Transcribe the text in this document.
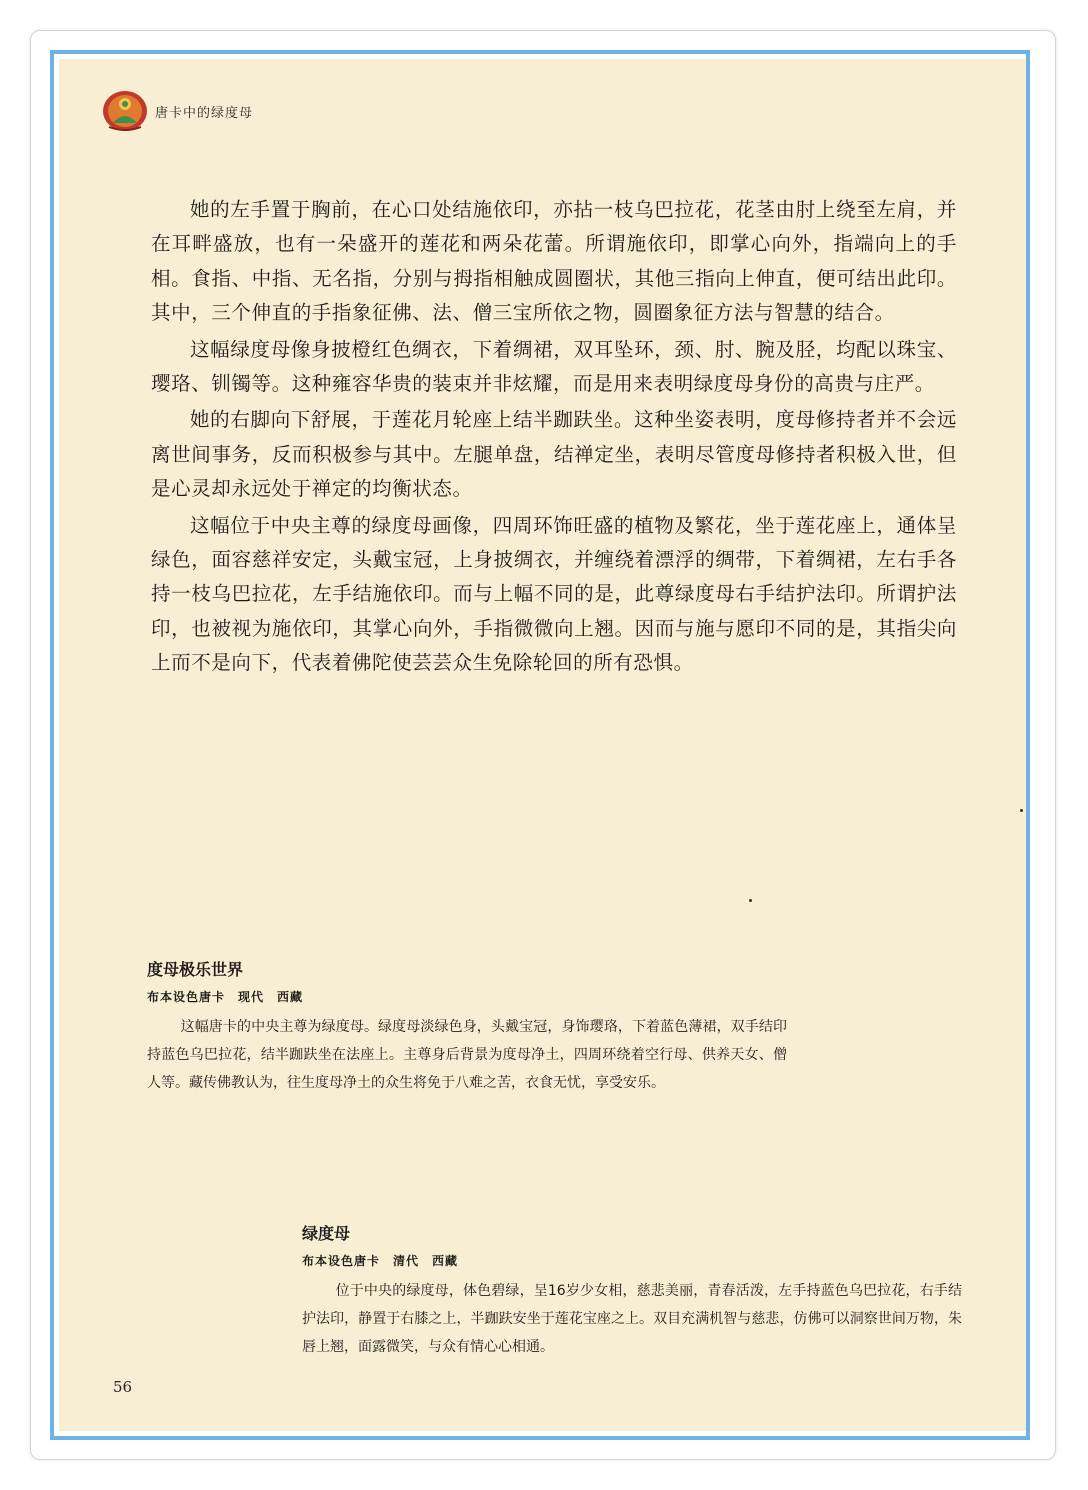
唐卡中的绿度母

她的左手置于胸前，在心口处结施依印，亦拈一枝乌巴拉花，花茎由肘上绕至左肩，并在耳畔盛放，也有一朵盛开的莲花和两朵花蕾。所谓施依印，即掌心向外，指端向上的手相。食指、中指、无名指，分别与拇指相触成圆圈状，其他三指向上伸直，便可结出此印。其中，三个伸直的手指象征佛、法、僧三宝所依之物，圆圈象征方法与智慧的结合。

这幅绿度母像身披橙红色绸衣，下着绸裙，双耳坠环，颈、肘、腕及胫，均配以珠宝、璎珞、钏镯等。这种雍容华贵的装束并非炫耀，而是用来表明绿度母身份的高贵与庄严。

她的右脚向下舒展，于莲花月轮座上结半跏趺坐。这种坐姿表明，度母修持者并不会远离世间事务，反而积极参与其中。左腿单盘，结禅定坐，表明尽管度母修持者积极入世，但是心灵却永远处于禅定的均衡状态。

这幅位于中央主尊的绿度母画像，四周环饰旺盛的植物及繁花，坐于莲花座上，通体呈绿色，面容慈祥安定，头戴宝冠，上身披绸衣，并缠绕着漂浮的绸带，下着绸裙，左右手各持一枝乌巴拉花，左手结施依印。而与上幅不同的是，此尊绿度母右手结护法印。所谓护法印，也被视为施依印，其掌心向外，手指微微向上翘。因而与施与愿印不同的是，其指尖向上而不是向下，代表着佛陀使芸芸众生免除轮回的所有恐惧。

度母极乐世界
布本设色唐卡　现代　西藏

这幅唐卡的中央主尊为绿度母。绿度母淡绿色身，头戴宝冠，身饰璎珞，下着蓝色薄裙，双手结印持蓝色乌巴拉花，结半跏趺坐在法座上。主尊身后背景为度母净土，四周环绕着空行母、供养天女、僧人等。藏传佛教认为，往生度母净土的众生将免于八难之苦，衣食无忧，享受安乐。

绿度母
布本设色唐卡　清代　西藏

位于中央的绿度母，体色碧绿，呈16岁少女相，慈悲美丽，青春活泼，左手持蓝色乌巴拉花，右手结护法印，静置于右膝之上，半跏趺安坐于莲花宝座之上。双目充满机智与慈悲，仿佛可以洞察世间万物，朱唇上翘，面露微笑，与众有情心心相通。

56
